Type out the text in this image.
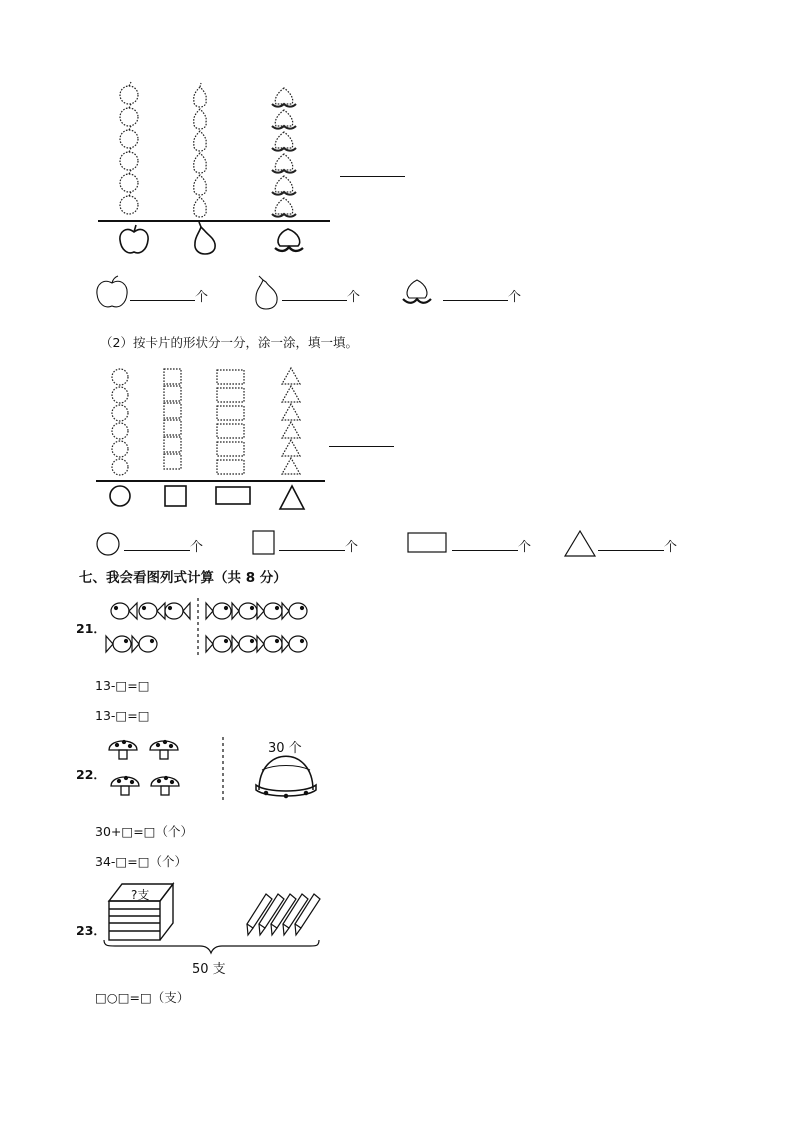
个	个	个
（2）按卡片的形状分一分，涂一涂，填一填。
个	个	个	个
七、我会看图列式计算（共 8 分）
21．
13-□=□
13-□=□
22．
30 个
30+□=□（个）
34-□=□（个）
23．
?支
50 支
□○□=□（支）
